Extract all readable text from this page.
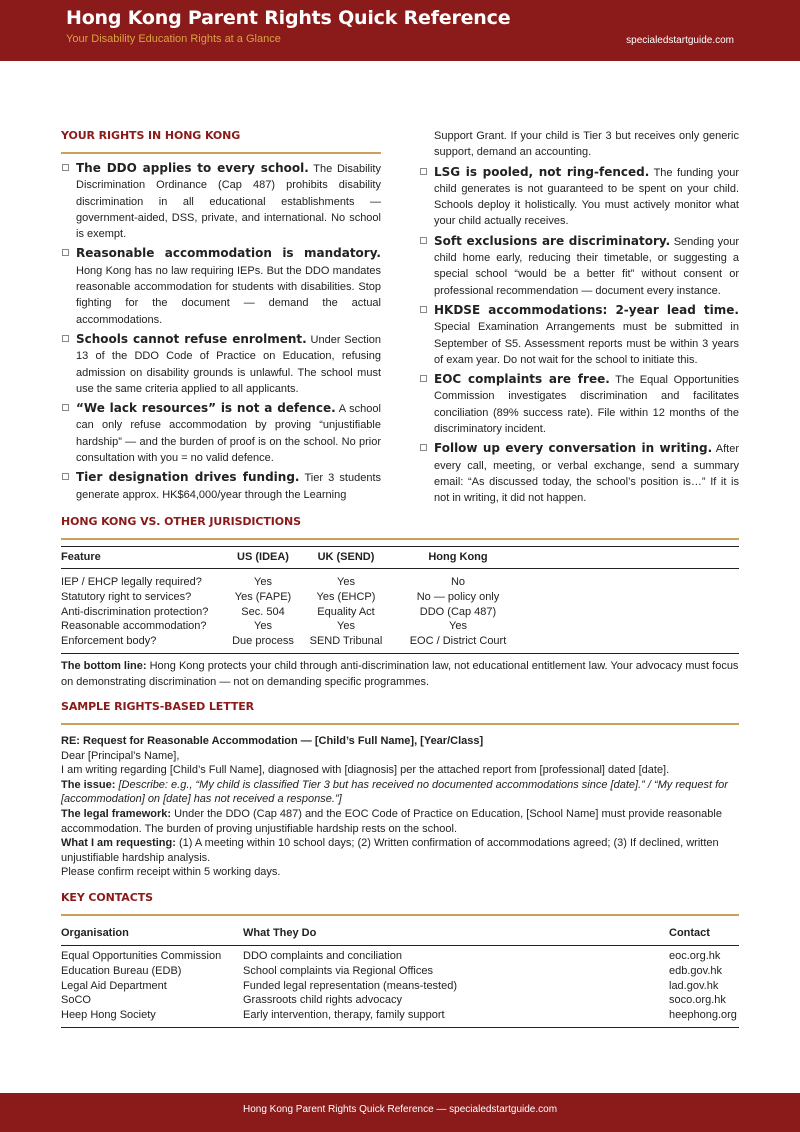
Hong Kong Parent Rights Quick Reference
Your Disability Education Rights at a Glance	specialedstartguide.com
YOUR RIGHTS IN HONG KONG
The DDO applies to every school. The Disability Discrimination Ordinance (Cap 487) prohibits disability discrimination in all educational establishments — government-aided, DSS, private, and international. No school is exempt.
Reasonable accommodation is mandatory. Hong Kong has no law requiring IEPs. But the DDO mandates reasonable accommodation for students with disabilities. Stop fighting for the document — demand the actual accommodations.
Schools cannot refuse enrolment. Under Section 13 of the DDO Code of Practice on Education, refusing admission on disability grounds is unlawful. The school must use the same criteria applied to all applicants.
“We lack resources” is not a defence. A school can only refuse accommodation by proving “unjustifiable hardship” — and the burden of proof is on the school. No prior consultation with you = no valid defence.
Tier designation drives funding. Tier 3 students generate approx. HK$64,000/year through the Learning
Support Grant. If your child is Tier 3 but receives only generic support, demand an accounting.
LSG is pooled, not ring-fenced. The funding your child generates is not guaranteed to be spent on your child. Schools deploy it holistically. You must actively monitor what your child actually receives.
Soft exclusions are discriminatory. Sending your child home early, reducing their timetable, or suggesting a special school “would be a better fit” without consent or professional recommendation — document every instance.
HKDSE accommodations: 2-year lead time. Special Examination Arrangements must be submitted in September of S5. Assessment reports must be within 3 years of exam year. Do not wait for the school to initiate this.
EOC complaints are free. The Equal Opportunities Commission investigates discrimination and facilitates conciliation (89% success rate). File within 12 months of the discriminatory incident.
Follow up every conversation in writing. After every call, meeting, or verbal exchange, send a summary email: “As discussed today, the school’s position is…” If it is not in writing, it did not happen.
HONG KONG VS. OTHER JURISDICTIONS
Feature	US (IDEA)	UK (SEND)	Hong Kong	
IEP / EHCP legally required?	Yes	Yes	No	
Statutory right to services?	Yes (FAPE)	Yes (EHCP)	No — policy only	
Anti-discrimination protection?	Sec. 504	Equality Act	DDO (Cap 487)	
Reasonable accommodation?	Yes	Yes	Yes	
Enforcement body?	Due process	SEND Tribunal	EOC / District Court	
The bottom line: Hong Kong protects your child through anti-discrimination law, not educational entitlement law. Your advocacy must focus on demonstrating discrimination — not on demanding specific programmes.
SAMPLE RIGHTS-BASED LETTER
RE: Request for Reasonable Accommodation — [Child’s Full Name], [Year/Class]
Dear [Principal’s Name],
I am writing regarding [Child’s Full Name], diagnosed with [diagnosis] per the attached report from [professional] dated [date].
The issue: [Describe: e.g., “My child is classified Tier 3 but has received no documented accommodations since [date].” / “My request for [accommodation] on [date] has not received a response.”]
The legal framework: Under the DDO (Cap 487) and the EOC Code of Practice on Education, [School Name] must provide reasonable accommodation. The burden of proving unjustifiable hardship rests on the school.
What I am requesting: (1) A meeting within 10 school days; (2) Written confirmation of accommodations agreed; (3) If declined, written unjustifiable hardship analysis.
Please confirm receipt within 5 working days.
KEY CONTACTS
Organisation	What They Do	Contact
Equal Opportunities Commission	DDO complaints and conciliation	eoc.org.hk
Education Bureau (EDB)	School complaints via Regional Offices	edb.gov.hk
Legal Aid Department	Funded legal representation (means-tested)	lad.gov.hk
SoCO	Grassroots child rights advocacy	soco.org.hk
Heep Hong Society	Early intervention, therapy, family support	heephong.org
Hong Kong Parent Rights Quick Reference — specialedstartguide.com
